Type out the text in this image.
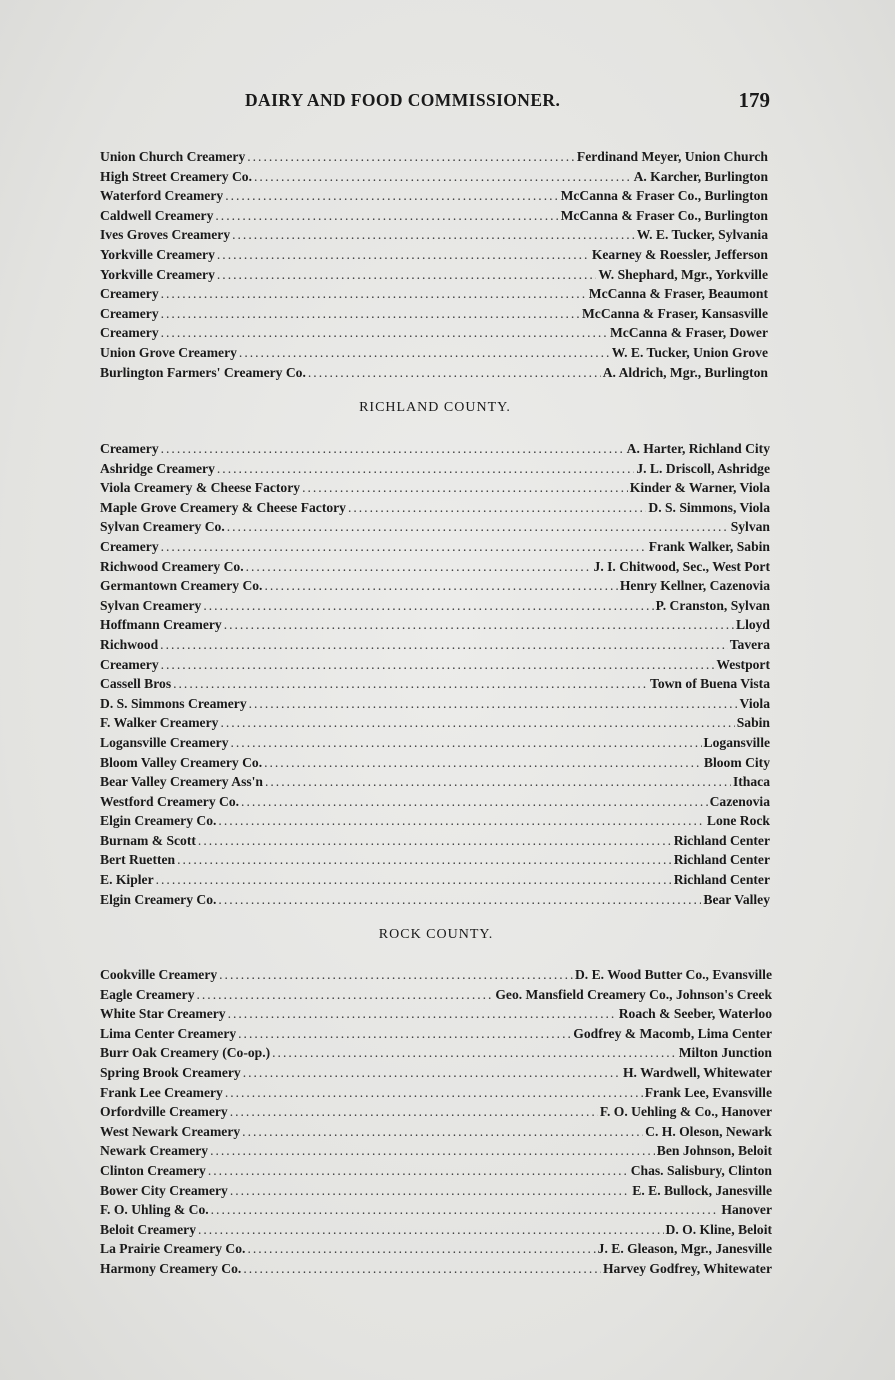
DAIRY AND FOOD COMMISSIONER.	179
Union Church Creamery .....	Ferdinand Meyer, Union Church
High Street Creamery Co. .....	A. Karcher, Burlington
Waterford Creamery .....	McCanna & Fraser Co., Burlington
Caldwell Creamery .....	McCanna & Fraser Co., Burlington
Ives Groves Creamery .....	W. E. Tucker, Sylvania
Yorkville Creamery .....	Kearney & Roessler, Jefferson
Yorkville Creamery .....	W. Shephard, Mgr., Yorkville
Creamery .....	McCanna & Fraser, Beaumont
Creamery .....	McCanna & Fraser, Kansasville
Creamery .....	McCanna & Fraser, Dower
Union Grove Creamery .....	W. E. Tucker, Union Grove
Burlington Farmers' Creamery Co. .....	A. Aldrich, Mgr., Burlington
RICHLAND COUNTY.
Creamery .....	A. Harter, Richland City
Ashridge Creamery .....	J. L. Driscoll, Ashridge
Viola Creamery & Cheese Factory .....	Kinder & Warner, Viola
Maple Grove Creamery & Cheese Factory .....	D. S. Simmons, Viola
Sylvan Creamery Co. .....	Sylvan
Creamery .....	Frank Walker, Sabin
Richwood Creamery Co. .....	J. I. Chitwood, Sec., West Port
Germantown Creamery Co. .....	Henry Kellner, Cazenovia
Sylvan Creamery .....	P. Cranston, Sylvan
Hoffmann Creamery .....	Lloyd
Richwood .....	Tavera
Creamery .....	Westport
Cassell Bros .....	Town of Buena Vista
D. S. Simmons Creamery .....	Viola
F. Walker Creamery .....	Sabin
Logansville Creamery .....	Logansville
Bloom Valley Creamery Co. .....	Bloom City
Bear Valley Creamery Ass'n .....	Ithaca
Westford Creamery Co. .....	Cazenovia
Elgin Creamery Co. .....	Lone Rock
Burnam & Scott .....	Richland Center
Bert Ruetten .....	Richland Center
E. Kipler .....	Richland Center
Elgin Creamery Co. .....	Bear Valley
ROCK COUNTY.
Cookville Creamery .....	D. E. Wood Butter Co., Evansville
Eagle Creamery .....	Geo. Mansfield Creamery Co., Johnson's Creek
White Star Creamery .....	Roach & Seeber, Waterloo
Lima Center Creamery .....	Godfrey & Macomb, Lima Center
Burr Oak Creamery (Co-op.) .....	Milton Junction
Spring Brook Creamery .....	H. Wardwell, Whitewater
Frank Lee Creamery .....	Frank Lee, Evansville
Orfordville Creamery .....	F. O. Uehling & Co., Hanover
West Newark Creamery .....	C. H. Oleson, Newark
Newark Creamery .....	Ben Johnson, Beloit
Clinton Creamery .....	Chas. Salisbury, Clinton
Bower City Creamery .....	E. E. Bullock, Janesville
F. O. Uhling & Co. .....	Hanover
Beloit Creamery .....	D. O. Kline, Beloit
La Prairie Creamery Co. .....	J. E. Gleason, Mgr., Janesville
Harmony Creamery Co. .....	Harvey Godfrey, Whitewater
